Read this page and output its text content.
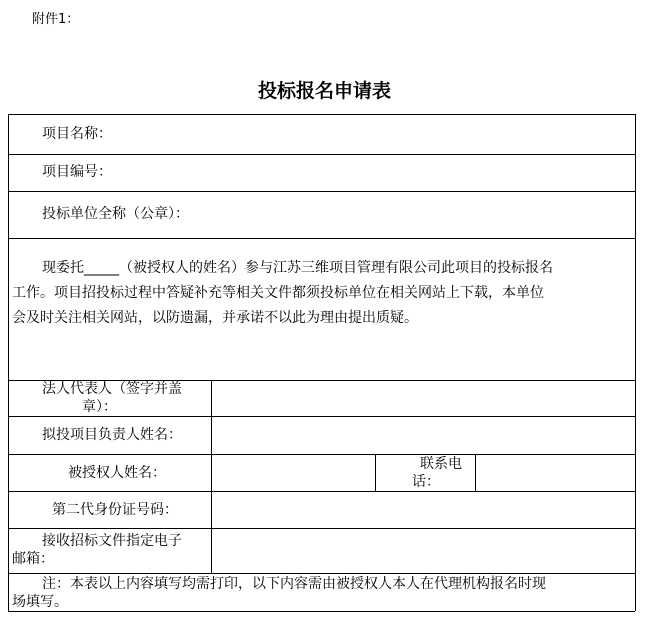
附件1：
投标报名申请表
项目名称：
项目编号：
投标单位全称（公章）：
现委托_____（被授权人的姓名）参与江苏三维项目管理有限公司此项目的投标报名
工作。项目招投标过程中答疑补充等相关文件都须投标单位在相关网站上下载，本单位
会及时关注相关网站，以防遗漏，并承诺不以此为理由提出质疑。
法人代表人（签字并盖
章）：
拟投项目负责人姓名：
被授权人姓名：
联系电
话：
第二代身份证号码：
接收招标文件指定电子
邮箱：
注：本表以上内容填写均需打印，以下内容需由被授权人本人在代理机构报名时现
场填写。
